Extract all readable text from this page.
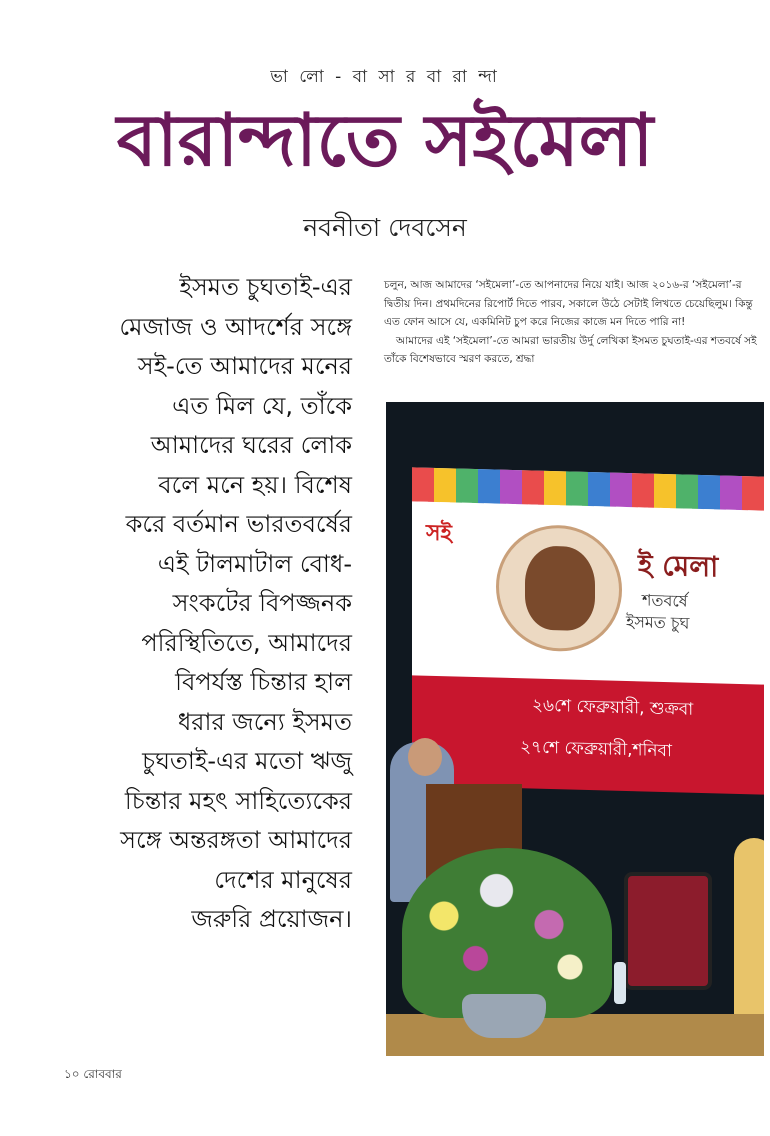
ভা লো - বা সা র বা রা ন্দা
বারান্দাতে সইমেলা
নবনীতা দেবসেন

ইসমত চুঘতাই-এর

মেজাজ ও আদর্শের সঙ্গে

সই-তে আমাদের মনের

এত মিল যে, তাঁকে

আমাদের ঘরের লোক

বলে মনে হয়। বিশেষ

করে বর্তমান ভারতবর্ষের

এই টালমাটাল বোধ-

সংকটের বিপজ্জনক

পরিস্থিতিতে, আমাদের

বিপর্যস্ত চিন্তার হাল

ধরার জন্যে ইসমত

চুঘতাই-এর মতো ঋজু

চিন্তার মহৎ সাহিত্যেকের

সঙ্গে অন্তরঙ্গতা আমাদের

দেশের মানুষের

জরুরি প্রয়োজন।

চলুন, আজ আমাদের ‘সইমেলা’-তে আপনাদের নিয়ে যাই। আজ ২০১৬-র ‘সইমেলা’-র দ্বিতীয় দিন। প্রথমদিনের রিপোর্ট দিতে পারব, সকালে উঠে সেটাই লিখতে চেয়েছিলুম। কিন্তু এত ফোন আসে যে, একমিনিট চুপ করে নিজের কাজে মন দিতে পারি না!

আমাদের এই ‘সইমেলা’-তে আমরা ভারতীয় উর্দু লেখিকা ইসমত চুঘতাই-এর শতবর্ষে সই তাঁকে বিশেষভাবে স্মরণ করতে, শ্রদ্ধা

সই
ই মেলা
শতবর্ষে
ইসমত চুঘ
২৬শে ফেব্রুয়ারী, শুক্রবা
২৭শে ফেব্রুয়ারী,শনিবা
১০ রোববার
